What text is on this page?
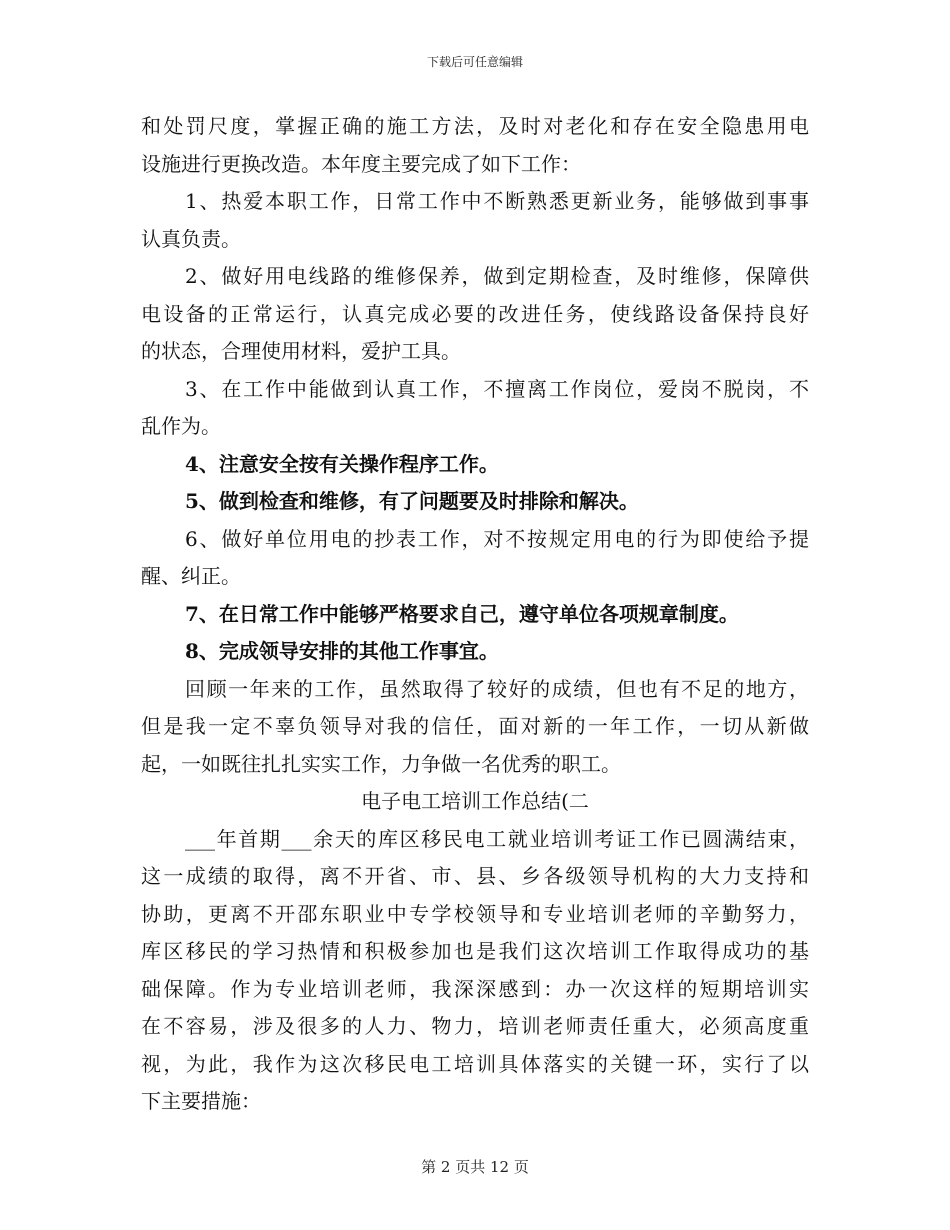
下载后可任意编辑
和处罚尺度，掌握正确的施工方法，及时对老化和存在安全隐患用电
设施进行更换改造。本年度主要完成了如下工作：
1、热爱本职工作，日常工作中不断熟悉更新业务，能够做到事事
认真负责。
2、做好用电线路的维修保养，做到定期检查，及时维修，保障供
电设备的正常运行，认真完成必要的改进任务，使线路设备保持良好
的状态，合理使用材料，爱护工具。
3、在工作中能做到认真工作，不擅离工作岗位，爱岗不脱岗，不
乱作为。
4、注意安全按有关操作程序工作。
5、做到检查和维修，有了问题要及时排除和解决。
6、做好单位用电的抄表工作，对不按规定用电的行为即使给予提
醒、纠正。
7、在日常工作中能够严格要求自己，遵守单位各项规章制度。
8、完成领导安排的其他工作事宜。
回顾一年来的工作，虽然取得了较好的成绩，但也有不足的地方，
但是我一定不辜负领导对我的信任，面对新的一年工作，一切从新做
起，一如既往扎扎实实工作，力争做一名优秀的职工。
电子电工培训工作总结(二
___年首期___余天的库区移民电工就业培训考证工作已圆满结束，
这一成绩的取得，离不开省、市、县、乡各级领导机构的大力支持和
协助，更离不开邵东职业中专学校领导和专业培训老师的辛勤努力，
库区移民的学习热情和积极参加也是我们这次培训工作取得成功的基
础保障。作为专业培训老师，我深深感到：办一次这样的短期培训实
在不容易，涉及很多的人力、物力，培训老师责任重大，必须高度重
视，为此，我作为这次移民电工培训具体落实的关键一环，实行了以
下主要措施：
第 2 页共 12 页
